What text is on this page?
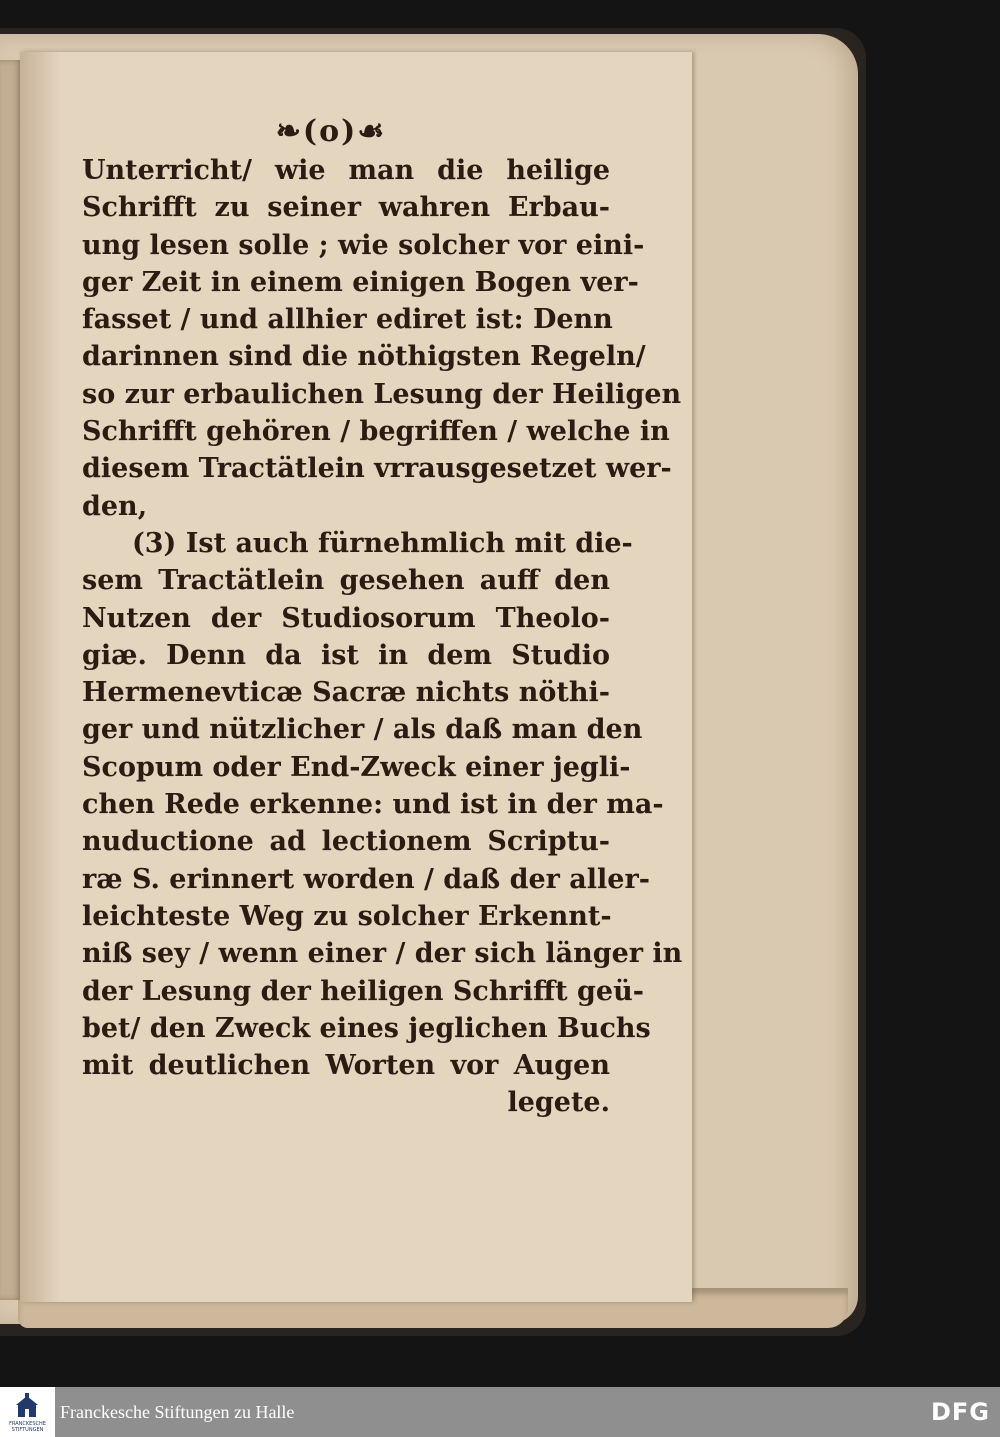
❧(o)☙
Unterricht/ wie man die heilige
Schrifft zu seiner wahren Erbau-
ung lesen solle ; wie solcher vor eini-
ger Zeit in einem einigen Bogen ver-
fasset / und allhier ediret ist: Denn
darinnen sind die nöthigsten Regeln/
so zur erbaulichen Lesung der Heiligen
Schrifft gehören / begriffen / welche in
diesem Tractätlein vrrausgesetzet wer-
den,
(3) Ist auch fürnehmlich mit die-
sem Tractätlein gesehen auff den
Nutzen der Studiosorum Theolo-
giæ. Denn da ist in dem Studio
Hermenevticæ Sacræ nichts nöthi-
ger und nützlicher / als daß man den
Scopum oder End-Zweck einer jegli-
chen Rede erkenne: und ist in der ma-
nuductione ad lectionem Scriptu-
ræ S. erinnert worden / daß der aller-
leichteste Weg zu solcher Erkennt-
niß sey / wenn einer / der sich länger in
der Lesung der heiligen Schrifft geü-
bet/ den Zweck eines jeglichen Buchs
mit deutlichen Worten vor Augen
legete.
FRANCKESCHE STIFTUNGEN
Franckesche Stiftungen zu Halle	DFG
